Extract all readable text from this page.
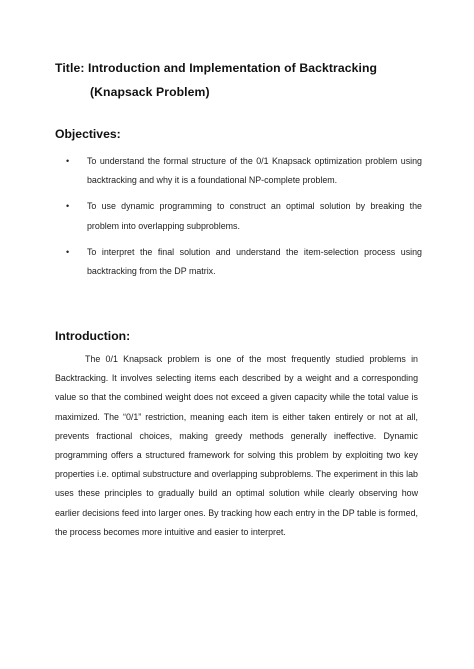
Title: Introduction and Implementation of Backtracking
(Knapsack Problem)
Objectives:
• To understand the formal structure of the 0/1 Knapsack optimization problem using backtracking and why it is a foundational NP-complete problem.
• To use dynamic programming to construct an optimal solution by breaking the problem into overlapping subproblems.
• To interpret the final solution and understand the item-selection process using backtracking from the DP matrix.
Introduction:

The 0/1 Knapsack problem is one of the most frequently studied problems in Backtracking. It involves selecting items each described by a weight and a corresponding value so that the combined weight does not exceed a given capacity while the total value is maximized. The “0/1” restriction, meaning each item is either taken entirely or not at all, prevents fractional choices, making greedy methods generally ineffective. Dynamic programming offers a structured framework for solving this problem by exploiting two key properties i.e. optimal substructure and overlapping subproblems. The experiment in this lab uses these principles to gradually build an optimal solution while clearly observing how earlier decisions feed into larger ones. By tracking how each entry in the DP table is formed, the process becomes more intuitive and easier to interpret.
